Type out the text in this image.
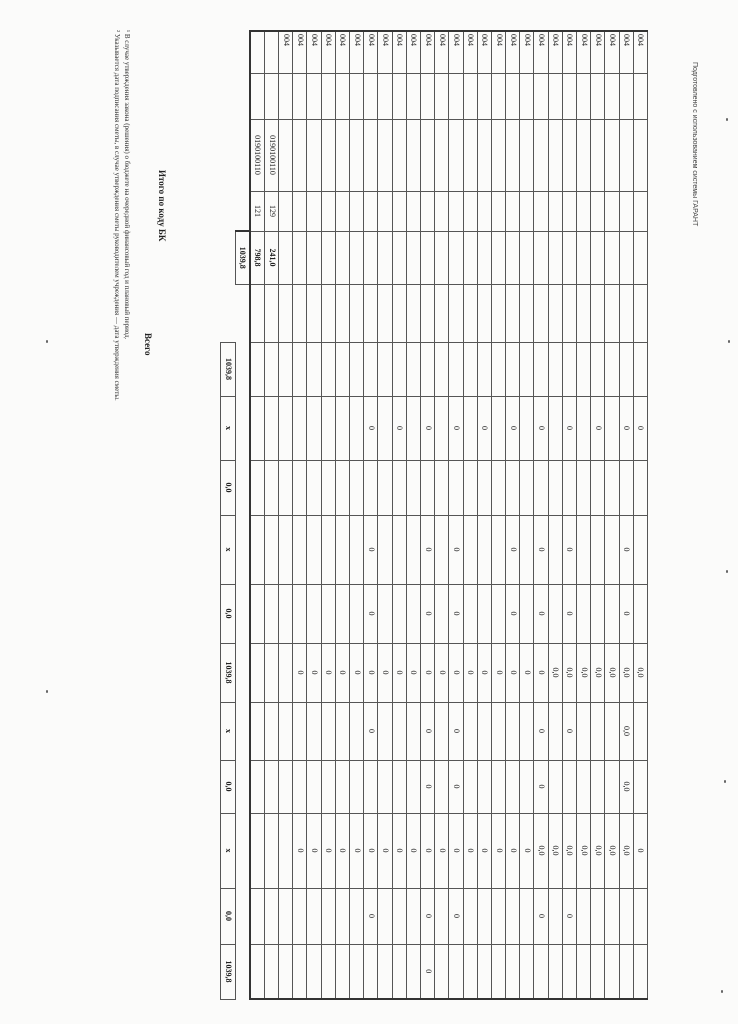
Подготовлено с использованием системы ГАРАНТ
004							0				0,0			0		
004							0		0	0	0,0	0,0	0,0	0,0		
004											0,0			0,0		
004							0				0,0			0,0		
004											0,0			0,0		
004							0		0	0	0,0	0		0,0	0	
004											0,0			0,0		
004							0		0	0	0	0	0	0,0	0	
004											0			0		
004							0		0	0	0			0		
004											0			0		
004							0				0			0		
004											0			0		
004							0		0	0	0	0	0	0	0	
004											0			0		
004							0		0	0	0	0	0	0	0	0
004											0			0		
004							0				0			0		
004											0			0		
004							0		0	0	0	0		0	0	
004											0			0		
004											0			0		
004											0			0		
004											0			0		
004											0			0		
004																
		0190100110	129	241,0												
		0190100110	121	798,8												
				1039,8												
						1039,8	х	0,0	х	0,0	1039,8	х	0,0	х	0,0	1039,8
Итого по коду БК
Всего
¹ В случае утверждения закона (решения) о бюджете на очередной финансовый год и плановый период.
² Указывается дата подписания сметы, в случае утверждения сметы руководителем учреждения — дата утверждения сметы.
